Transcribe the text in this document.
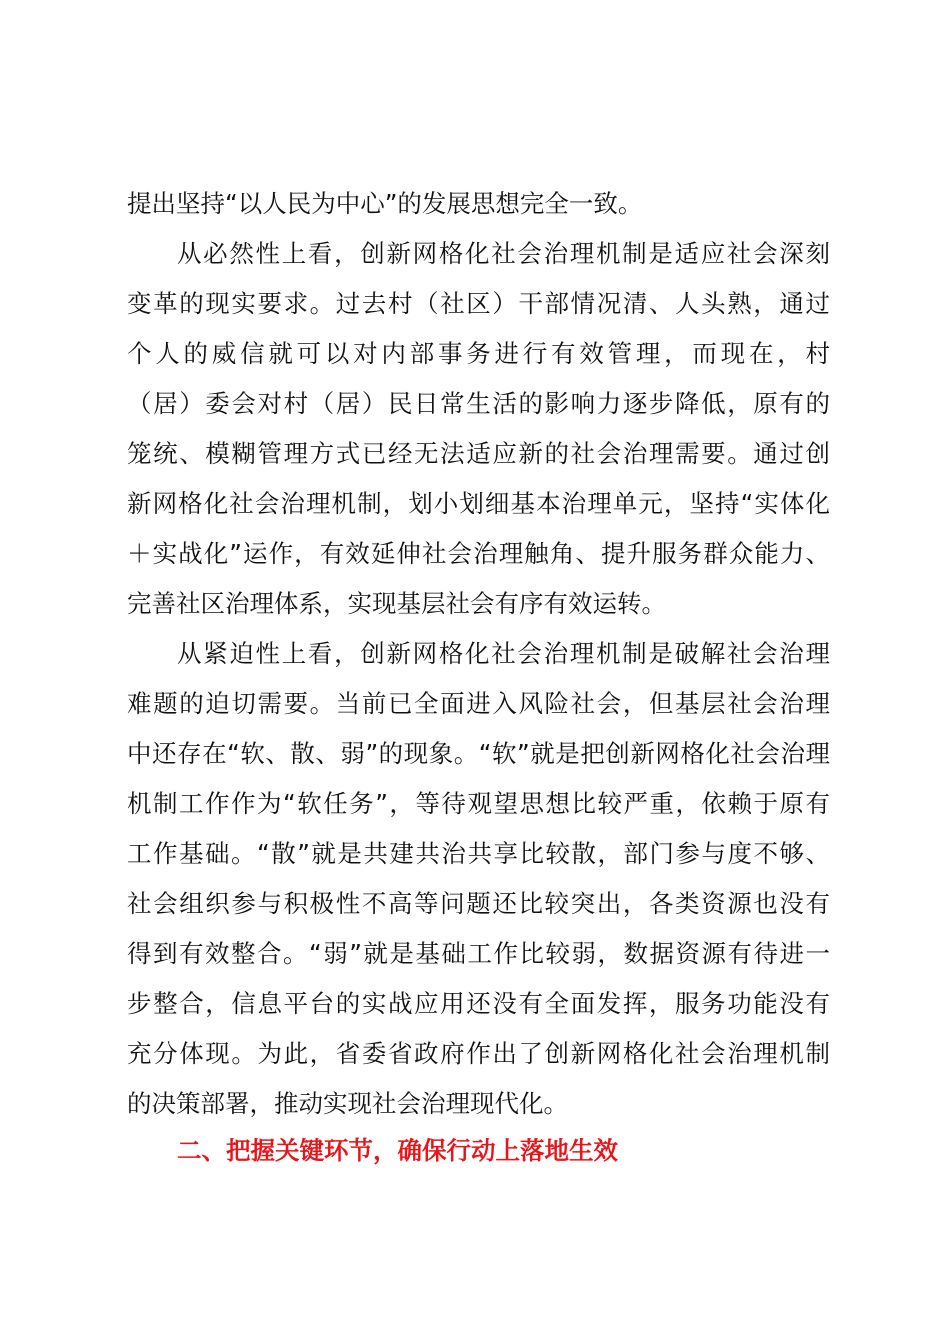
提出坚持“以人民为中心”的发展思想完全一致。
从必然性上看，创新网格化社会治理机制是适应社会深刻
变革的现实要求。过去村（社区）干部情况清、人头熟，通过
个人的威信就可以对内部事务进行有效管理，而现在，村
（居）委会对村（居）民日常生活的影响力逐步降低，原有的
笼统、模糊管理方式已经无法适应新的社会治理需要。通过创
新网格化社会治理机制，划小划细基本治理单元，坚持“实体化
＋实战化”运作，有效延伸社会治理触角、提升服务群众能力、
完善社区治理体系，实现基层社会有序有效运转。
从紧迫性上看，创新网格化社会治理机制是破解社会治理
难题的迫切需要。当前已全面进入风险社会，但基层社会治理
中还存在“软、散、弱”的现象。“软”就是把创新网格化社会治理
机制工作作为“软任务”，等待观望思想比较严重，依赖于原有
工作基础。“散”就是共建共治共享比较散，部门参与度不够、
社会组织参与积极性不高等问题还比较突出，各类资源也没有
得到有效整合。“弱”就是基础工作比较弱，数据资源有待进一
步整合，信息平台的实战应用还没有全面发挥，服务功能没有
充分体现。为此，省委省政府作出了创新网格化社会治理机制
的决策部署，推动实现社会治理现代化。
二、把握关键环节，确保行动上落地生效
